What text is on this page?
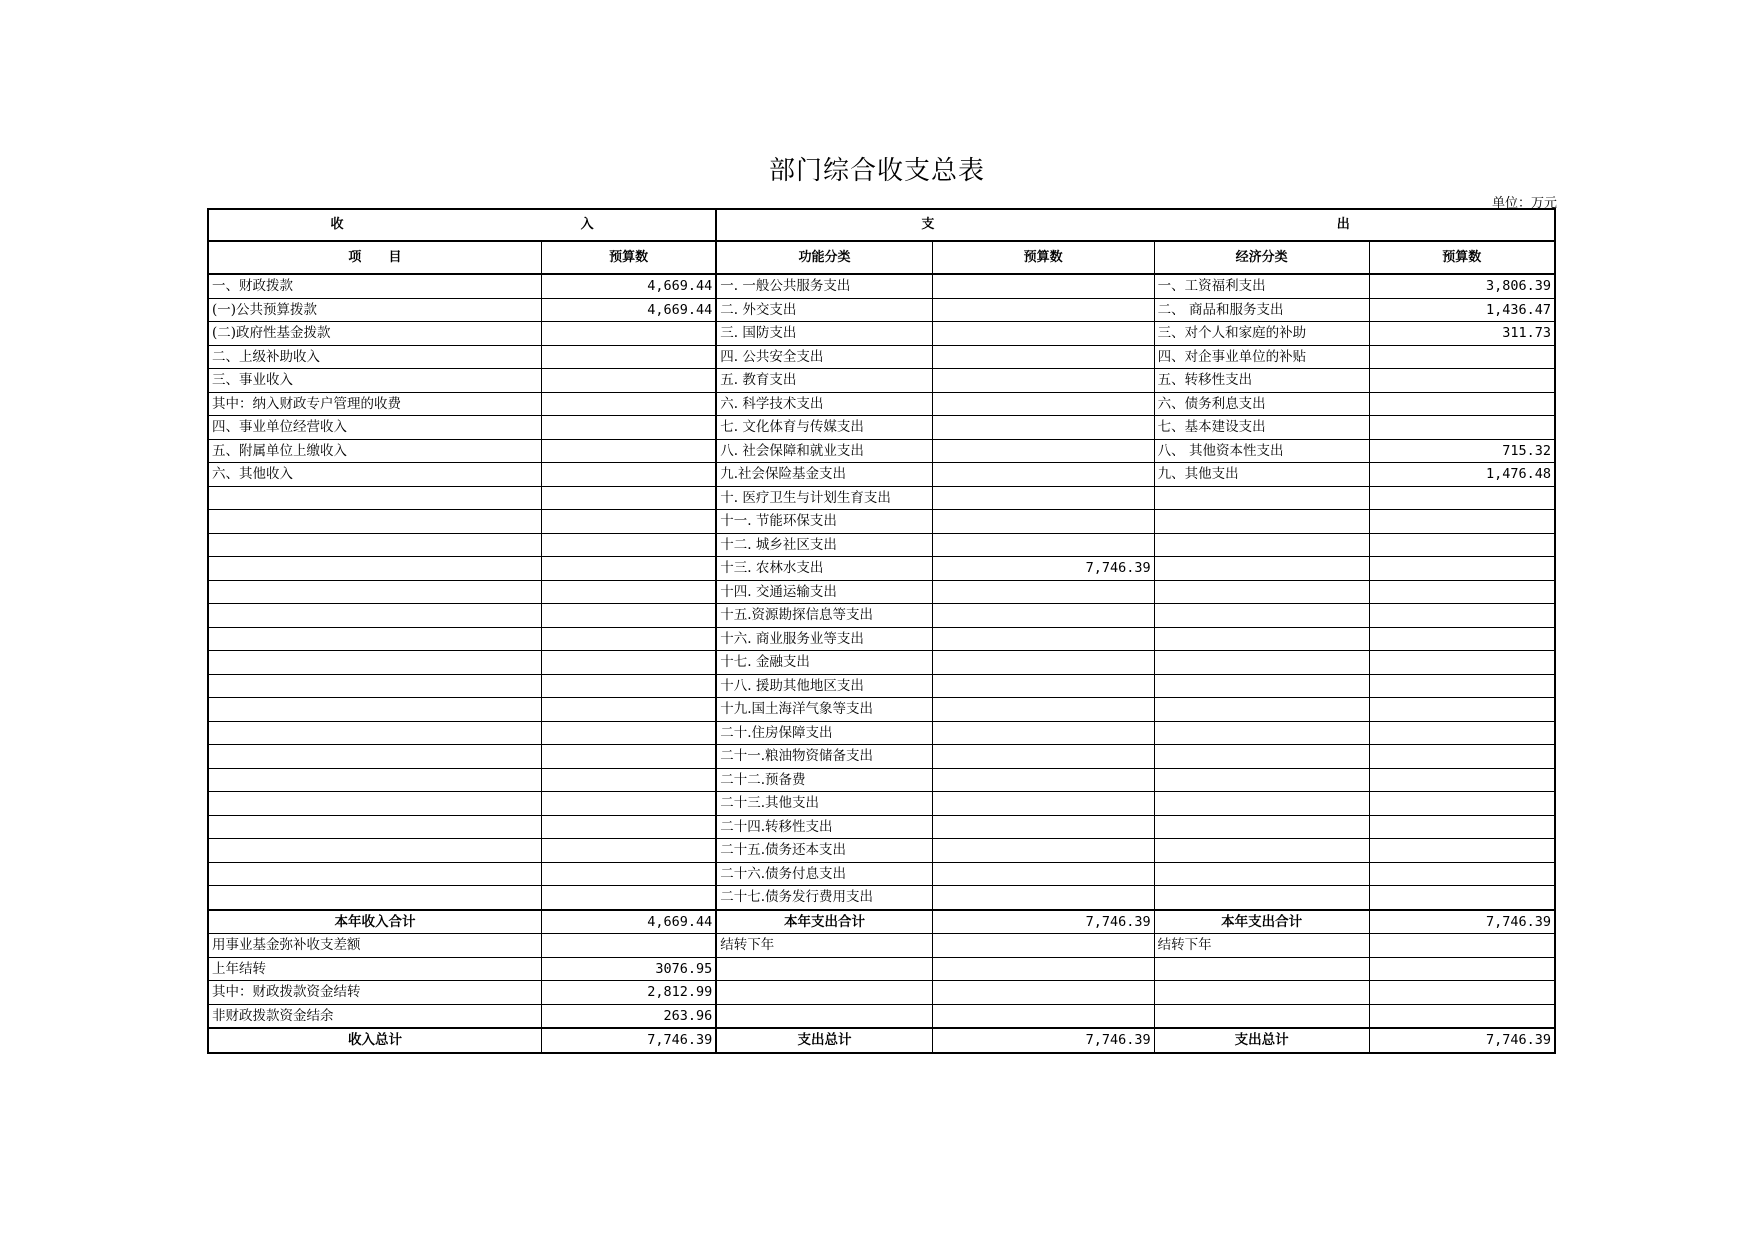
部门综合收支总表
单位：万元
收 入		支 出			

项      目	预算数	功能分类	预算数	经济分类	预算数
一、财政拨款	4,669.44	一. 一般公共服务支出		一、工资福利支出	3,806.39
(一)公共预算拨款	4,669.44	二. 外交支出		二、 商品和服务支出	1,436.47
(二)政府性基金拨款		三. 国防支出		三、对个人和家庭的补助	311.73
二、上级补助收入		四. 公共安全支出		四、对企事业单位的补贴	
三、事业收入		五. 教育支出		五、转移性支出	
其中：纳入财政专户管理的收费		六. 科学技术支出		六、债务利息支出	
四、事业单位经营收入		七. 文化体育与传媒支出		七、基本建设支出	
五、附属单位上缴收入		八. 社会保障和就业支出		八、 其他资本性支出	715.32
六、其他收入		九.社会保险基金支出		九、其他支出	1,476.48
		十. 医疗卫生与计划生育支出			
		十一. 节能环保支出			
		十二. 城乡社区支出			
		十三. 农林水支出	7,746.39		
		十四. 交通运输支出			
		十五.资源勘探信息等支出			
		十六. 商业服务业等支出			
		十七. 金融支出			
		十八. 援助其他地区支出			
		十九.国土海洋气象等支出			
		二十.住房保障支出			
		二十一.粮油物资储备支出			
		二十二.预备费			
		二十三.其他支出			
		二十四.转移性支出			
		二十五.债务还本支出			
		二十六.债务付息支出			
		二十七.债务发行费用支出			
本年收入合计	4,669.44	本年支出合计	7,746.39	本年支出合计	7,746.39
用事业基金弥补收支差额		结转下年		结转下年	
上年结转	3076.95				
其中：财政拨款资金结转	2,812.99				
非财政拨款资金结余	263.96				
收入总计	7,746.39	支出总计	7,746.39	支出总计	7,746.39
